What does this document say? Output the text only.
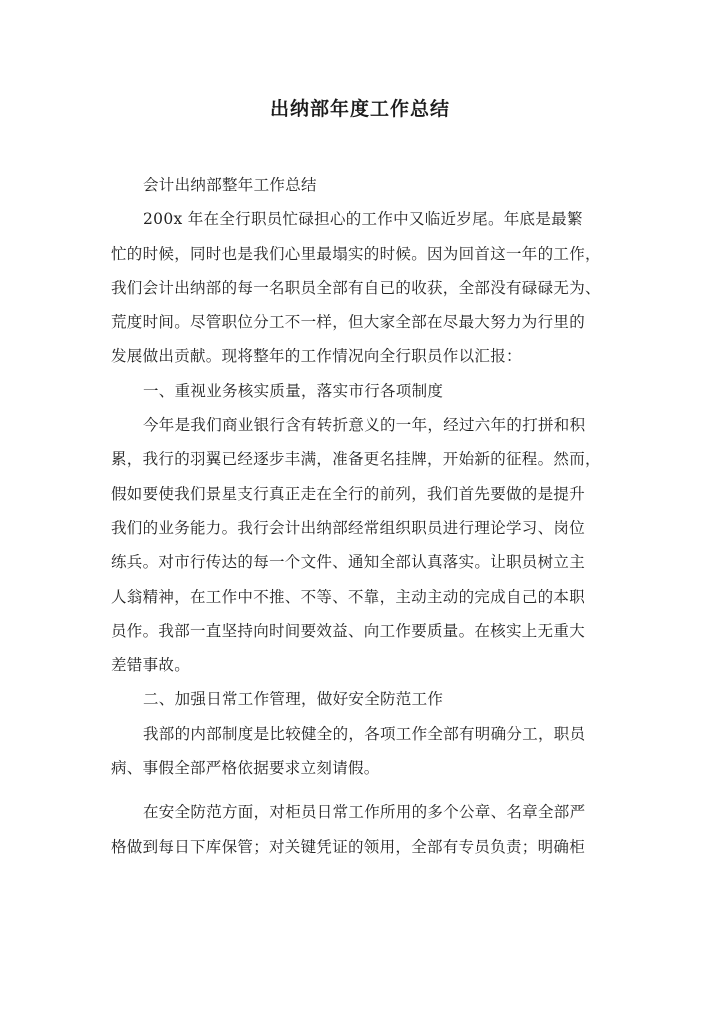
出纳部年度工作总结
会计出纳部整年工作总结
200x 年在全行职员忙碌担心的工作中又临近岁尾。年底是最繁
忙的时候，同时也是我们心里最塌实的时候。因为回首这一年的工作，
我们会计出纳部的每一名职员全部有自已的收获，全部没有碌碌无为、
荒度时间。尽管职位分工不一样，但大家全部在尽最大努力为行里的
发展做出贡献。现将整年的工作情况向全行职员作以汇报：
一、重视业务核实质量，落实市行各项制度
今年是我们商业银行含有转折意义的一年，经过六年的打拼和积
累，我行的羽翼已经逐步丰满，准备更名挂牌，开始新的征程。然而，
假如要使我们景星支行真正走在全行的前列，我们首先要做的是提升
我们的业务能力。我行会计出纳部经常组织职员进行理论学习、岗位
练兵。对市行传达的每一个文件、通知全部认真落实。让职员树立主
人翁精神，在工作中不推、不等、不靠，主动主动的完成自己的本职
员作。我部一直坚持向时间要效益、向工作要质量。在核实上无重大
差错事故。
二、加强日常工作管理，做好安全防范工作
我部的内部制度是比较健全的，各项工作全部有明确分工，职员
病、事假全部严格依据要求立刻请假。
在安全防范方面，对柜员日常工作所用的多个公章、名章全部严
格做到每日下库保管；对关键凭证的领用，全部有专员负责；明确柜
